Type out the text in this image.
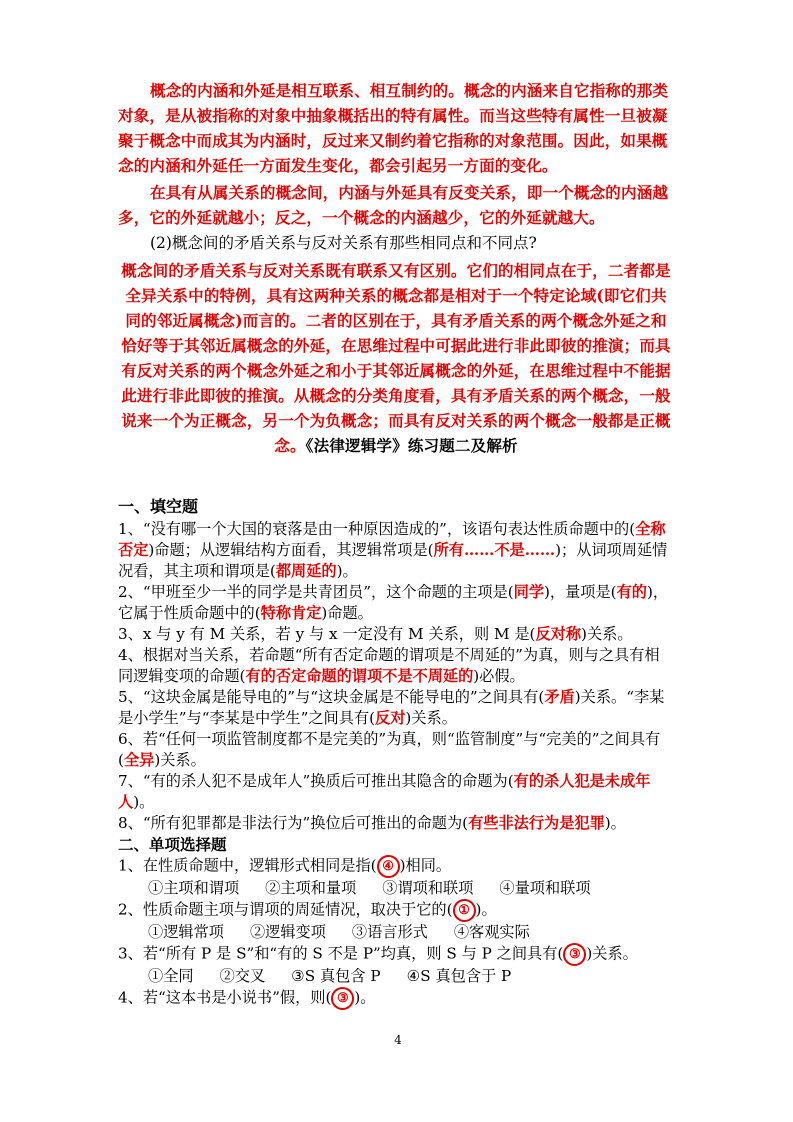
概念的内涵和外延是相互联系、相互制约的。概念的内涵来自它指称的那类对象，是从被指称的对象中抽象概括出的特有属性。而当这些特有属性一旦被凝　聚于概念中而成其为内涵时，反过来又制约着它指称的对象范围。因此，如果概念的内涵和外延任一方面发生变化，都会引起另一方面的变化。

在具有从属关系的概念间，内涵与外延具有反变关系，即一个概念的内涵越多，它的外延就越小；反之，一个概念的内涵越少，它的外延就越大。

(2)概念间的矛盾关系与反对关系有那些相同点和不同点?

概念间的矛盾关系与反对关系既有联系又有区别。它们的相同点在于，二者都是全异关系中的特例，具有这两种关系的概念都是相对于一个特定论域(即它们共同的邻近属概念)而言的。二者的区别在于，具有矛盾关系的两个概念外延之和恰好等于其邻近属概念的外延，在思维过程中可据此进行非此即彼的推演；而具有反对关系的两个概念外延之和小于其邻近属概念的外延，在思维过程中不能据此进行非此即彼的推演。从概念的分类角度看，具有矛盾关系的两个概念，一般说来一个为正概念，另一个为负概念；而具有反对关系的两个概念一般都是正概念。《法律逻辑学》练习题二及解析

一、填空题
1、“没有哪一个大国的衰落是由一种原因造成的”，该语句表达性质命题中的(全称否定)命题；从逻辑结构方面看，其逻辑常项是(所有……不是……)；从词项周延情况看，其主项和谓项是(都周延的)。
2、“甲班至少一半的同学是共青团员”，这个命题的主项是(同学)，量项是(有的)，它属于性质命题中的(特称肯定)命题。
3、x 与 y 有 M 关系，若 y 与 x 一定没有 M 关系，则 M 是(反对称)关系。
4、根据对当关系，若命题“所有否定命题的谓项是不周延的”为真，则与之具有相同逻辑变项的命题(有的否定命题的谓项不是不周延的)必假。
5、“这块金属是能导电的”与“这块金属是不能导电的”之间具有(矛盾)关系。“李某是小学生”与“李某是中学生”之间具有(反对)关系。
6、若“任何一项监管制度都不是完美的”为真，则“监管制度”与“完美的”之间具有(全异)关系。
7、“有的杀人犯不是成年人”换质后可推出其隐含的命题为(有的杀人犯是未成年人)。
8、“所有犯罪都是非法行为”换位后可推出的命题为(有些非法行为是犯罪)。
二、单项选择题
1、在性质命题中，逻辑形式相同是指( ④ )相同。
①主项和谓项 ②主项和量项 ③谓项和联项 ④量项和联项
2、性质命题主项与谓项的周延情况，取决于它的( ① )。
①逻辑常项 ②逻辑变项 ③语言形式 ④客观实际
3、若“所有 P 是 S”和“有的 S 不是 P”均真，则 S 与 P 之间具有( ③ )关系。
①全同 ②交叉 ③S 真包含 P ④S 真包含于 P
4、若“这本书是小说书”假，则( ③ )。
4
